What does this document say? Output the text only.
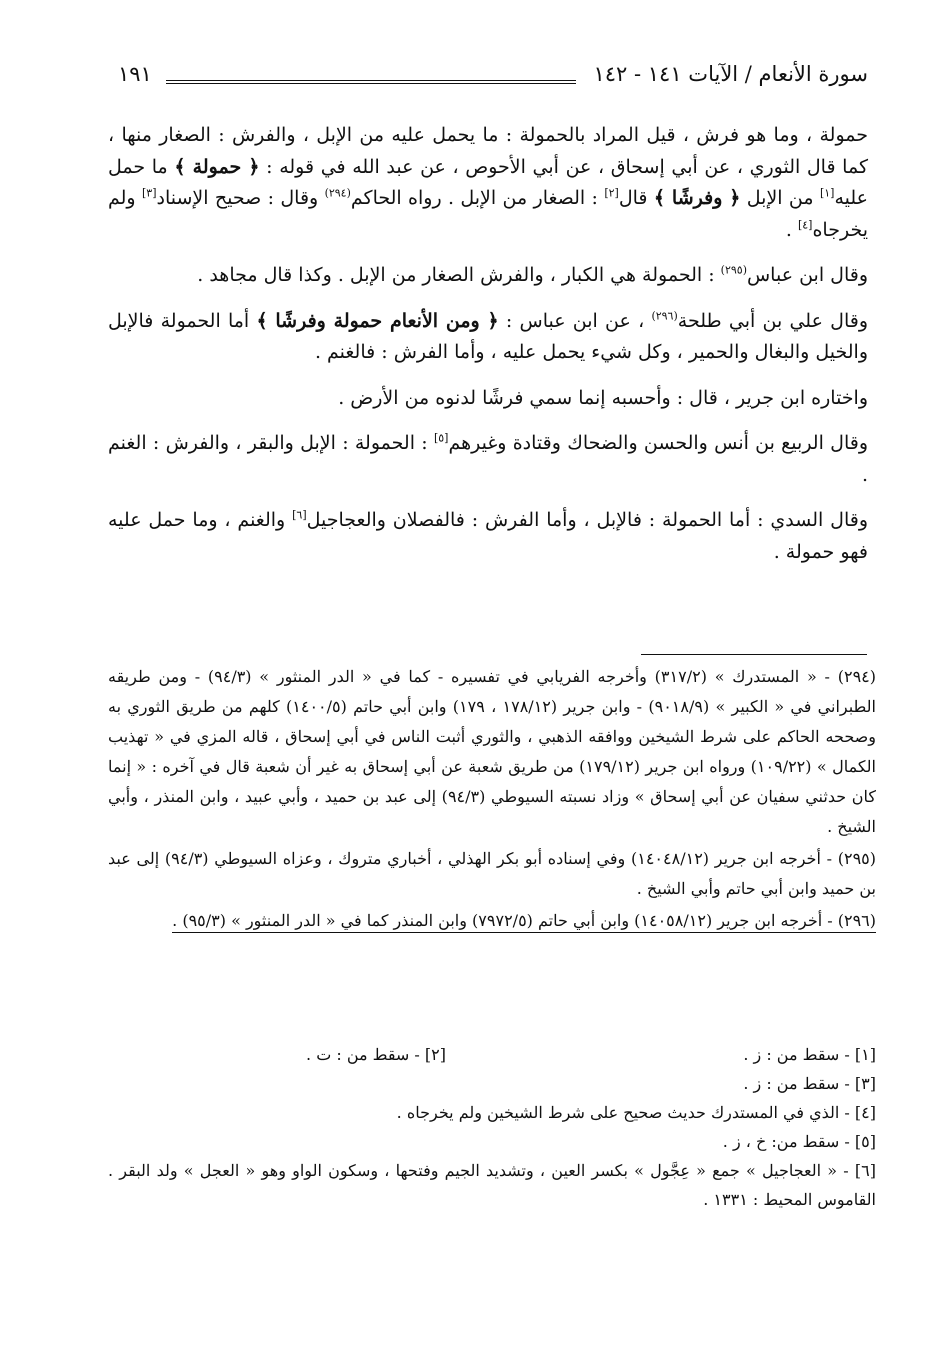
سورة الأنعام / الآيات ١٤١ - ١٤٢
١٩١

حمولة ، وما هو فرش ، قيل المراد بالحمولة : ما يحمل عليه من الإبل ، والفرش : الصغار منها ، كما قال الثوري ، عن أبي إسحاق ، عن أبي الأحوص ، عن عبد الله في قوله : ﴿ حمولة ﴾ ما حمل عليه[١] من الإبل ﴿ وفرشًا ﴾ قال[٢] : الصغار من الإبل . رواه الحاكم$^{(٢٩٤)}$ وقال : صحيح الإسناد[٣] ولم يخرجاه[٤] .

وقال ابن عباس$^{(٢٩٥)}$ : الحمولة هي الكبار ، والفرش الصغار من الإبل . وكذا قال مجاهد .

وقال علي بن أبي طلحة$^{(٢٩٦)}$ ، عن ابن عباس : ﴿ ومن الأنعام حمولة وفرشًا ﴾ أما الحمولة فالإبل والخيل والبغال والحمير ، وكل شيء يحمل عليه ، وأما الفرش : فالغنم .

واختاره ابن جرير ، قال : وأحسبه إنما سمي فرشًا لدنوه من الأرض .

وقال الربيع بن أنس والحسن والضحاك وقتادة وغيرهم[٥] : الحمولة : الإبل والبقر ، والفرش : الغنم .

وقال السدي : أما الحمولة : فالإبل ، وأما الفرش : فالفصلان والعجاجيل[٦] والغنم ، وما حمل عليه فهو حمولة .

(٢٩٤) - « المستدرك » (٣١٧/٢) وأخرجه الفريابي في تفسيره - كما في « الدر المنثور » (٩٤/٣) - ومن طريقه الطبراني في « الكبير » (٩٠١٨/٩) - وابن جرير (١٧٨/١٢ ، ١٧٩) وابن أبي حاتم (١٤٠٠/٥) كلهم من طريق الثوري به وصححه الحاكم على شرط الشيخين ووافقه الذهبي ، والثوري أثبت الناس في أبي إسحاق ، قاله المزي في « تهذيب الكمال » (١٠٩/٢٢) ورواه ابن جرير (١٧٩/١٢) من طريق شعبة عن أبي إسحاق به غير أن شعبة قال في آخره : « إنما كان حدثني سفيان عن أبي إسحاق » وزاد نسبته السيوطي (٩٤/٣) إلى عبد بن حميد ، وأبي عبيد ، وابن المنذر ، وأبي الشيخ .

(٢٩٥) - أخرجه ابن جرير (١٤٠٤٨/١٢) وفي إسناده أبو بكر الهذلي ، أخباري متروك ، وعزاه السيوطي (٩٤/٣) إلى عبد بن حميد وابن أبي حاتم وأبي الشيخ .

(٢٩٦) - أخرجه ابن جرير (١٤٠٥٨/١٢) وابن أبي حاتم (٧٩٧٢/٥) وابن المنذر كما في « الدر المنثور » (٩٥/٣) .

[١] - سقط من : ز .
[٢] - سقط من : ت .
[٣] - سقط من : ز .
[٤] - الذي في المستدرك حديث صحيح على شرط الشيخين ولم يخرجاه .
[٥] - سقط من: خ ، ز .
[٦] - « العجاجيل » جمع « عِجَّول » بكسر العين ، وتشديد الجيم وفتحها ، وسكون الواو وهو « العجل » ولد البقر . القاموس المحيط : ١٣٣١ .
